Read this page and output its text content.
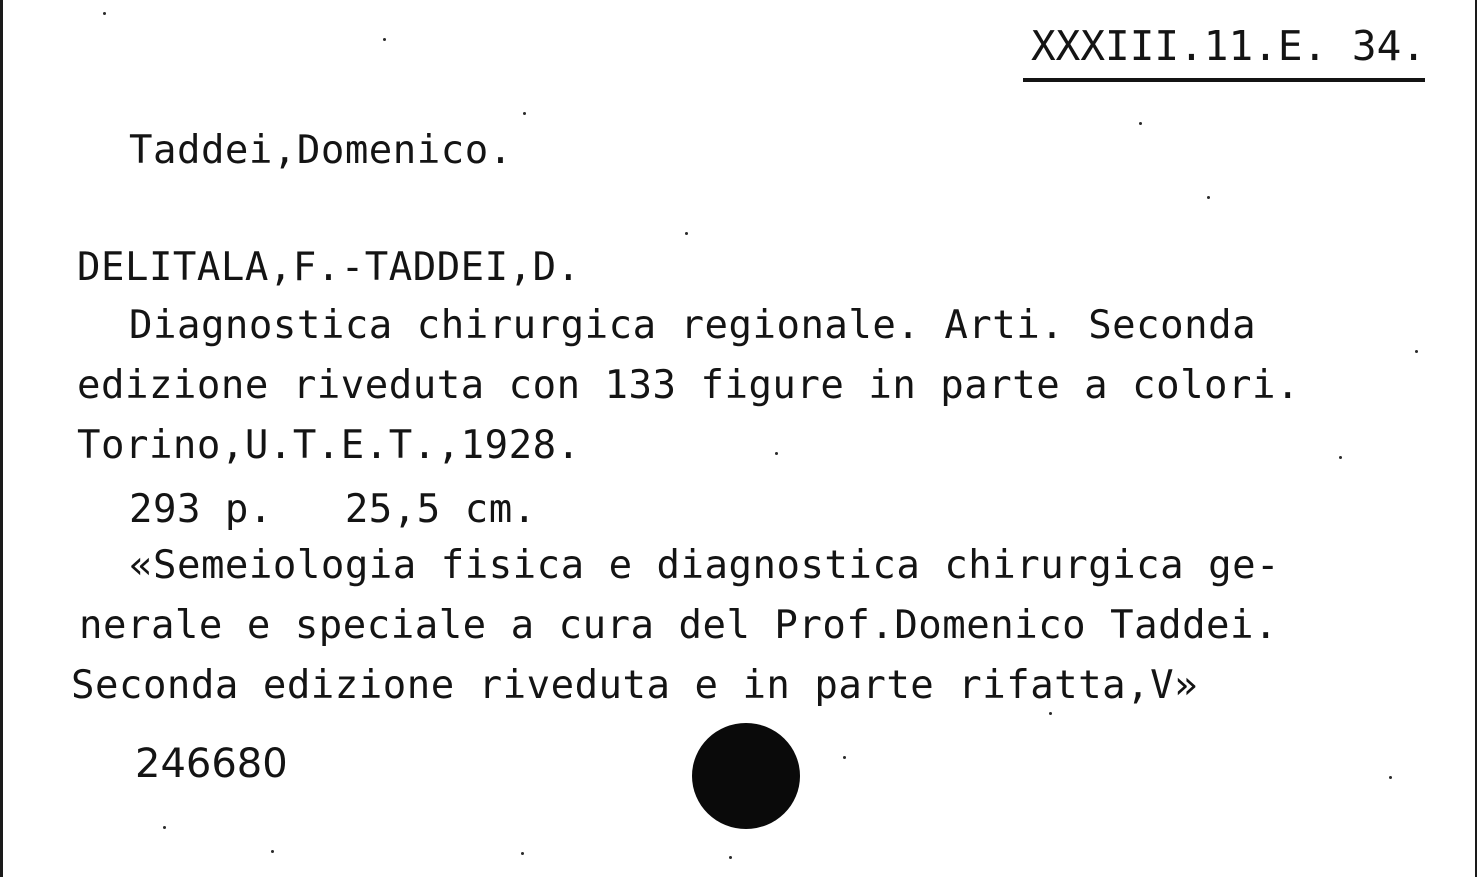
XXXIII.11.E. 34.
Taddei,Domenico.
DELITALA,F.-TADDEI,D.
Diagnostica chirurgica regionale. Arti. Seconda
edizione riveduta con 133 figure in parte a colori.
Torino,U.T.E.T.,1928.
293 p.   25,5 cm.
«Semeiologia fisica e diagnostica chirurgica ge-
nerale e speciale a cura del Prof.Domenico Taddei.
Seconda edizione riveduta e in parte rifatta,V»
246680
